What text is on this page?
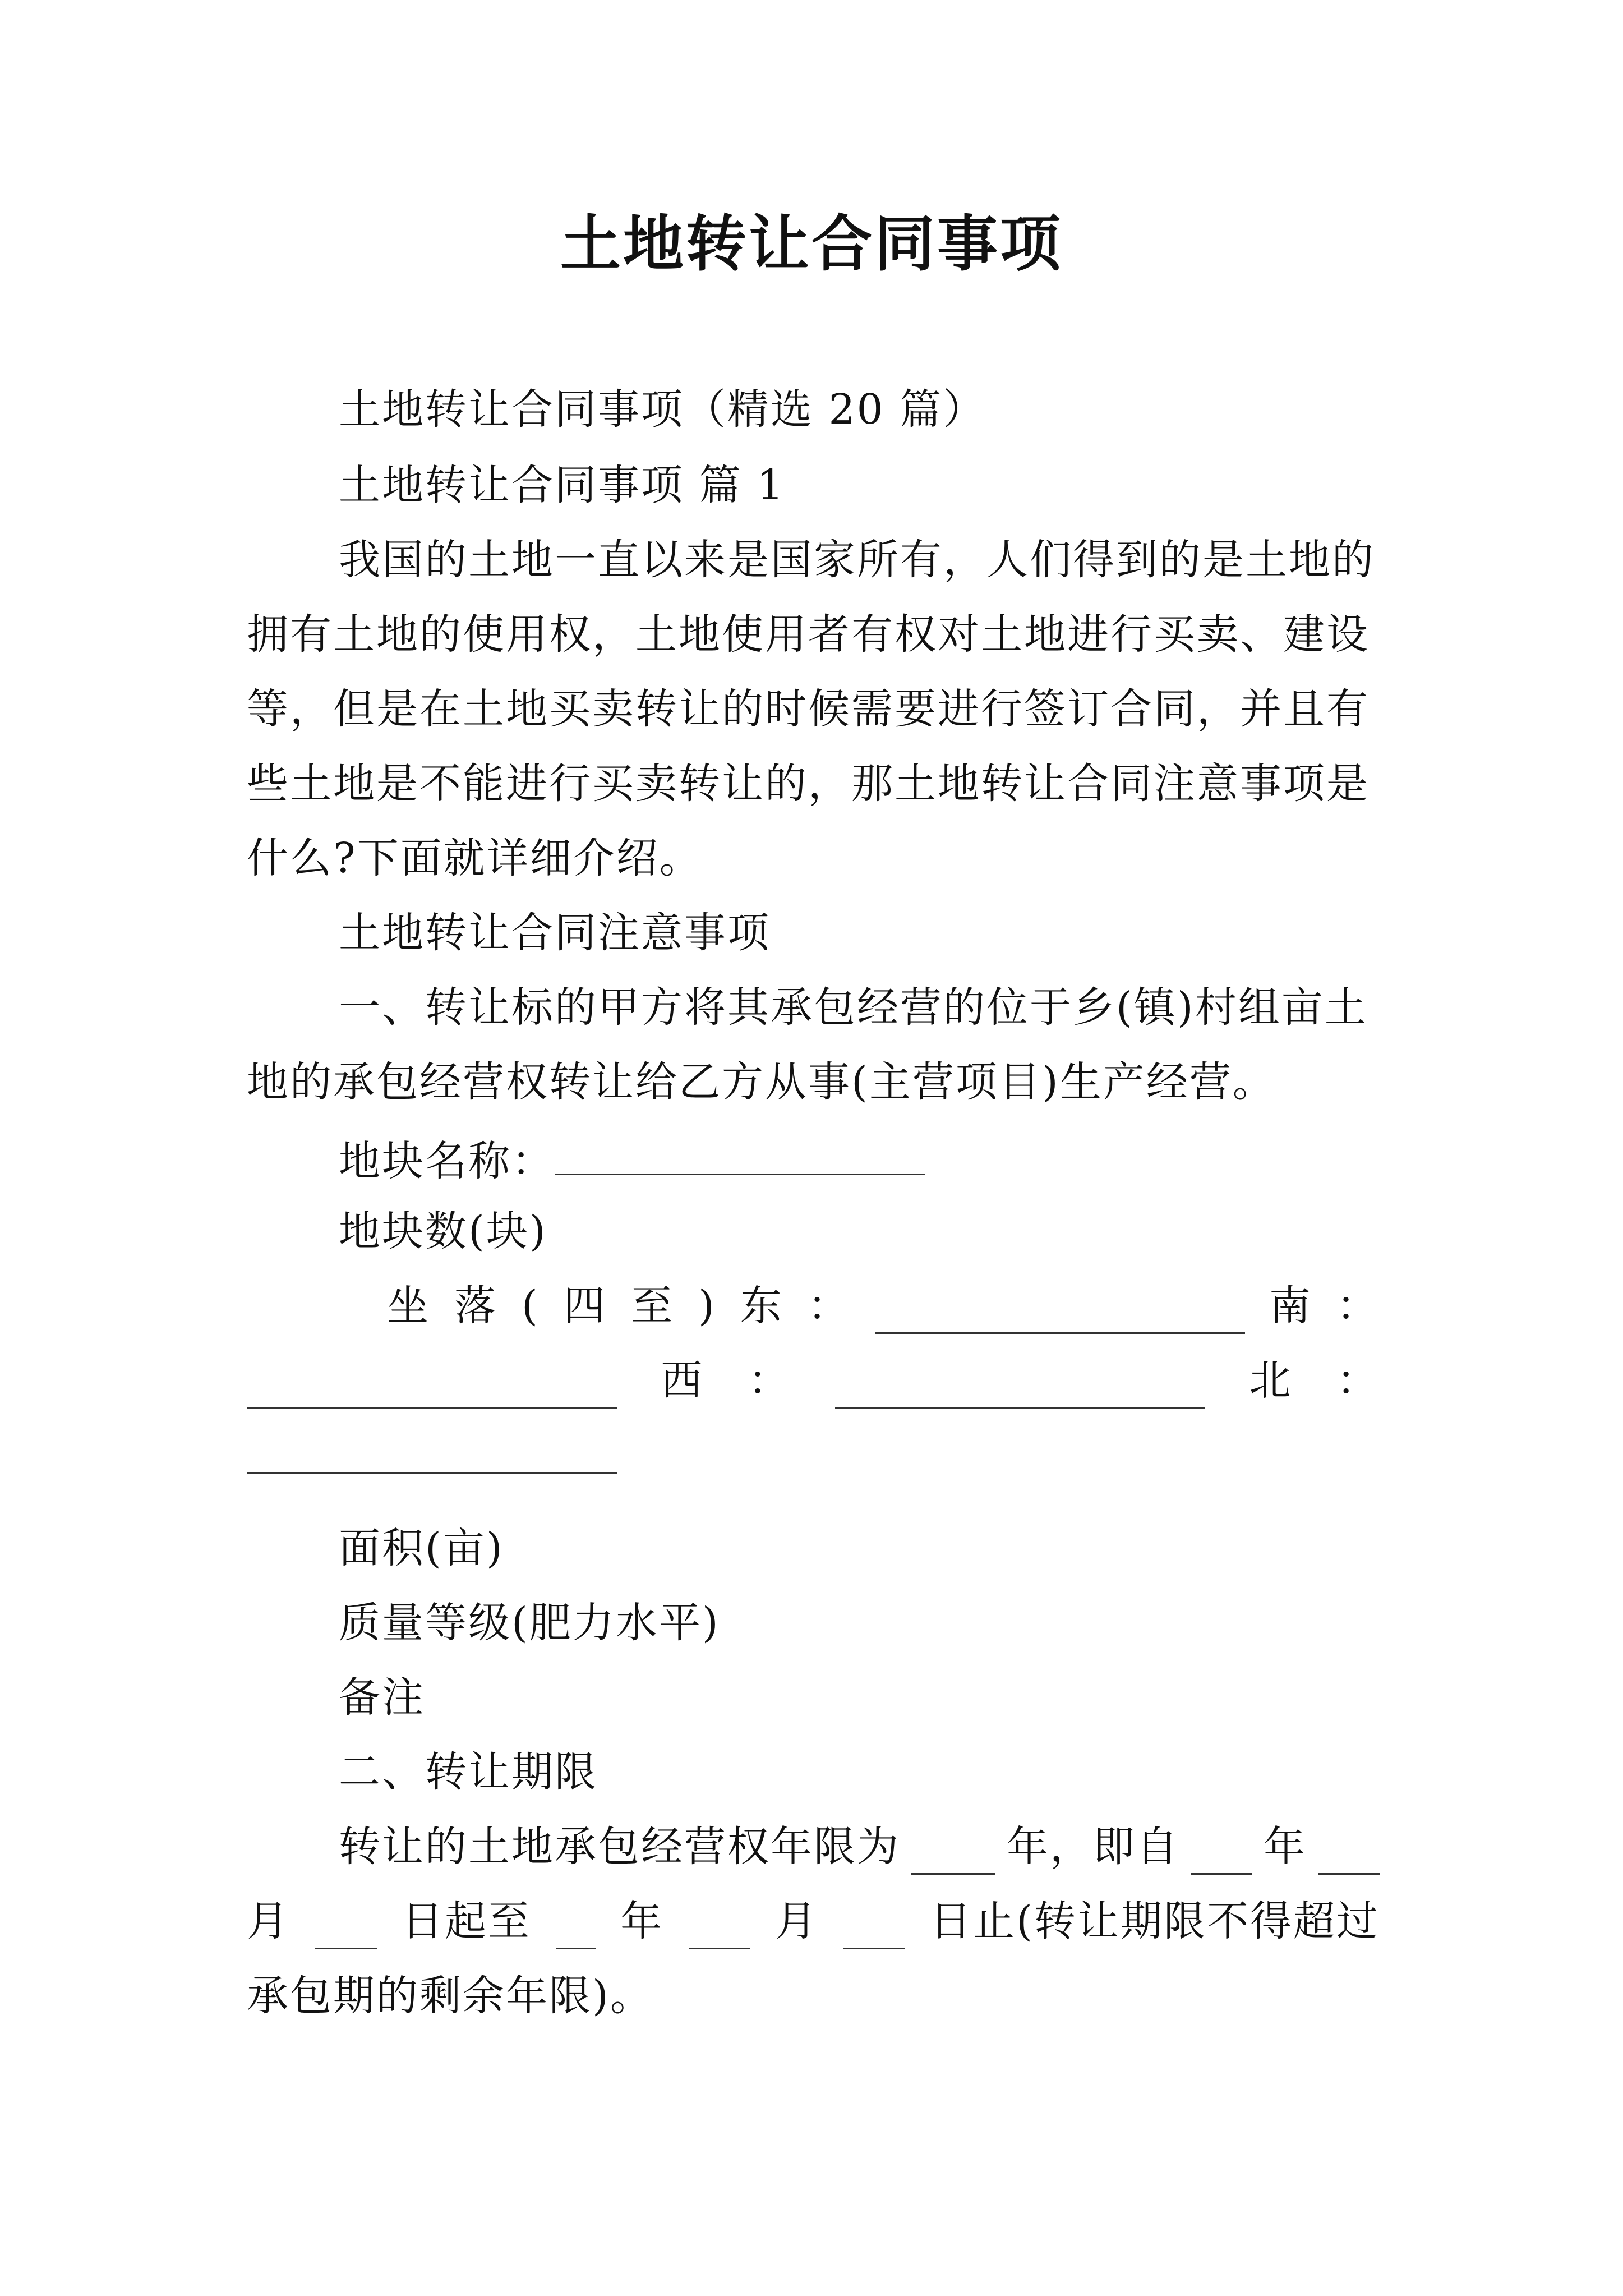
土地转让合同事项
土地转让合同事项（精选 20 篇）
土地转让合同事项 篇 1
我国的土地一直以来是国家所有，人们得到的是土地的
拥有土地的使用权，土地使用者有权对土地进行买卖、建设
等，但是在土地买卖转让的时候需要进行签订合同，并且有
些土地是不能进行买卖转让的，那土地转让合同注意事项是
什么?下面就详细介绍。
土地转让合同注意事项
一、转让标的甲方将其承包经营的位于乡(镇)村组亩土
地的承包经营权转让给乙方从事(主营项目)生产经营。
地块名称：
地块数(块)
坐 落 ( 四 至 ) 东 ：	南 ：
西 ：	北 ：
面积(亩)
质量等级(肥力水平)
备注
二、转让期限
转让的土地承包经营权年限为	年，即自 年
月	日起至 年	月	日止(转让期限不得超过
承包期的剩余年限)。
